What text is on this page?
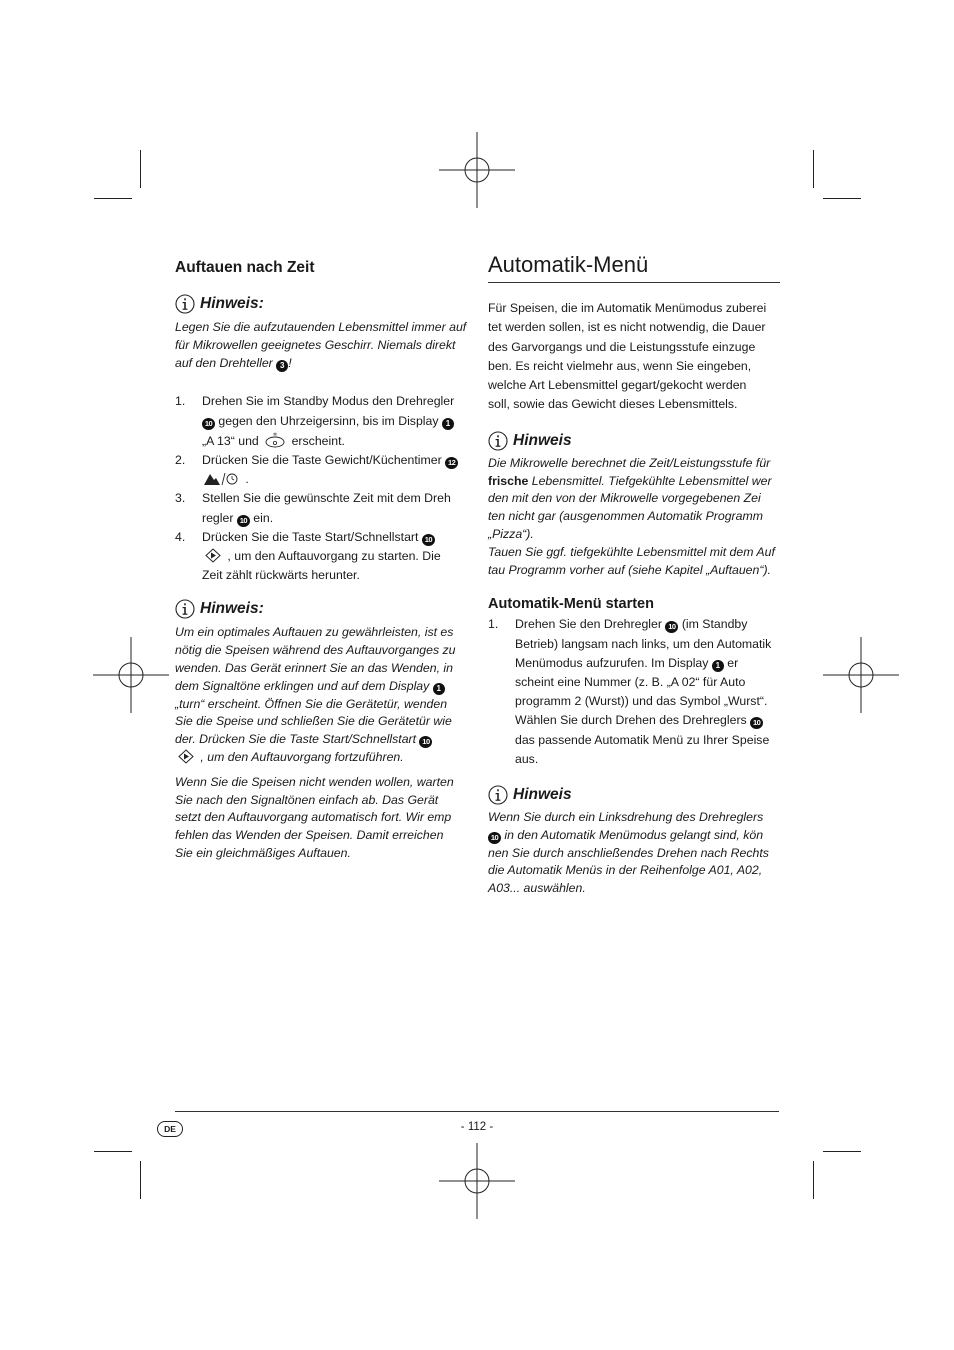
Auftauen nach Zeit
Hinweis:
Legen Sie die aufzutauenden Lebensmittel immer auf
für Mikrowellen geeignetes Geschirr. Niemals direkt
auf den Drehteller 3 !
1.	Drehen Sie im Standby Modus den Drehregler
10 gegen den Uhrzeigersinn, bis im Display 1
„A 13“ und	✲ erscheint.
2.	Drücken Sie die Taste Gewicht/Küchentimer 12
.
3.	Stellen Sie die gewünschte Zeit mit dem Dreh
regler 10 ein.
4.	Drücken Sie die Taste Start/Schnellstart 10
, um den Auftauvorgang zu starten. Die
Zeit zählt rückwärts herunter.
Hinweis:
Um ein optimales Auftauen zu gewährleisten, ist es
nötig die Speisen während des Auftauvorganges zu
wenden. Das Gerät erinnert Sie an das Wenden, in
dem Signaltöne erklingen und auf dem Display 1
„turn“ erscheint. Öffnen Sie die Gerätetür, wenden
Sie die Speise und schließen Sie die Gerätetür wie
der. Drücken Sie die Taste Start/Schnellstart 10
, um den Auftauvorgang fortzuführen.
Wenn Sie die Speisen nicht wenden wollen, warten
Sie nach den Signaltönen einfach ab. Das Gerät
setzt den Auftauvorgang automatisch fort. Wir emp
fehlen das Wenden der Speisen. Damit erreichen
Sie ein gleichmäßiges Auftauen.
Automatik-Menü
Für Speisen, die im Automatik Menümodus zuberei
tet werden sollen, ist es nicht notwendig, die Dauer
des Garvorgangs und die Leistungsstufe einzuge
ben. Es reicht vielmehr aus, wenn Sie eingeben,
welche Art Lebensmittel gegart/gekocht werden
soll, sowie das Gewicht dieses Lebensmittels.
Hinweis
Die Mikrowelle berechnet die Zeit/Leistungsstufe für
frische Lebensmittel. Tiefgekühlte Lebensmittel wer
den mit den von der Mikrowelle vorgegebenen Zei
ten nicht gar (ausgenommen Automatik Programm
„Pizza“).
Tauen Sie ggf. tiefgekühlte Lebensmittel mit dem Auf
tau Programm vorher auf (siehe Kapitel „Auftauen“).
Automatik-Menü starten
1.	Drehen Sie den Drehregler 10 (im Standby
Betrieb) langsam nach links, um den Automatik
Menümodus aufzurufen. Im Display 1 er
scheint eine Nummer (z. B. „A 02“ für Auto
programm 2 (Wurst)) und das Symbol „Wurst“.
Wählen Sie durch Drehen des Drehreglers 10
das passende Automatik Menü zu Ihrer Speise
aus.
Hinweis
Wenn Sie durch ein Linksdrehung des Drehreglers
10 in den Automatik Menümodus gelangt sind, kön
nen Sie durch anschließendes Drehen nach Rechts
die Automatik Menüs in der Reihenfolge A01, A02,
A03... auswählen.
DE	- 112 -
